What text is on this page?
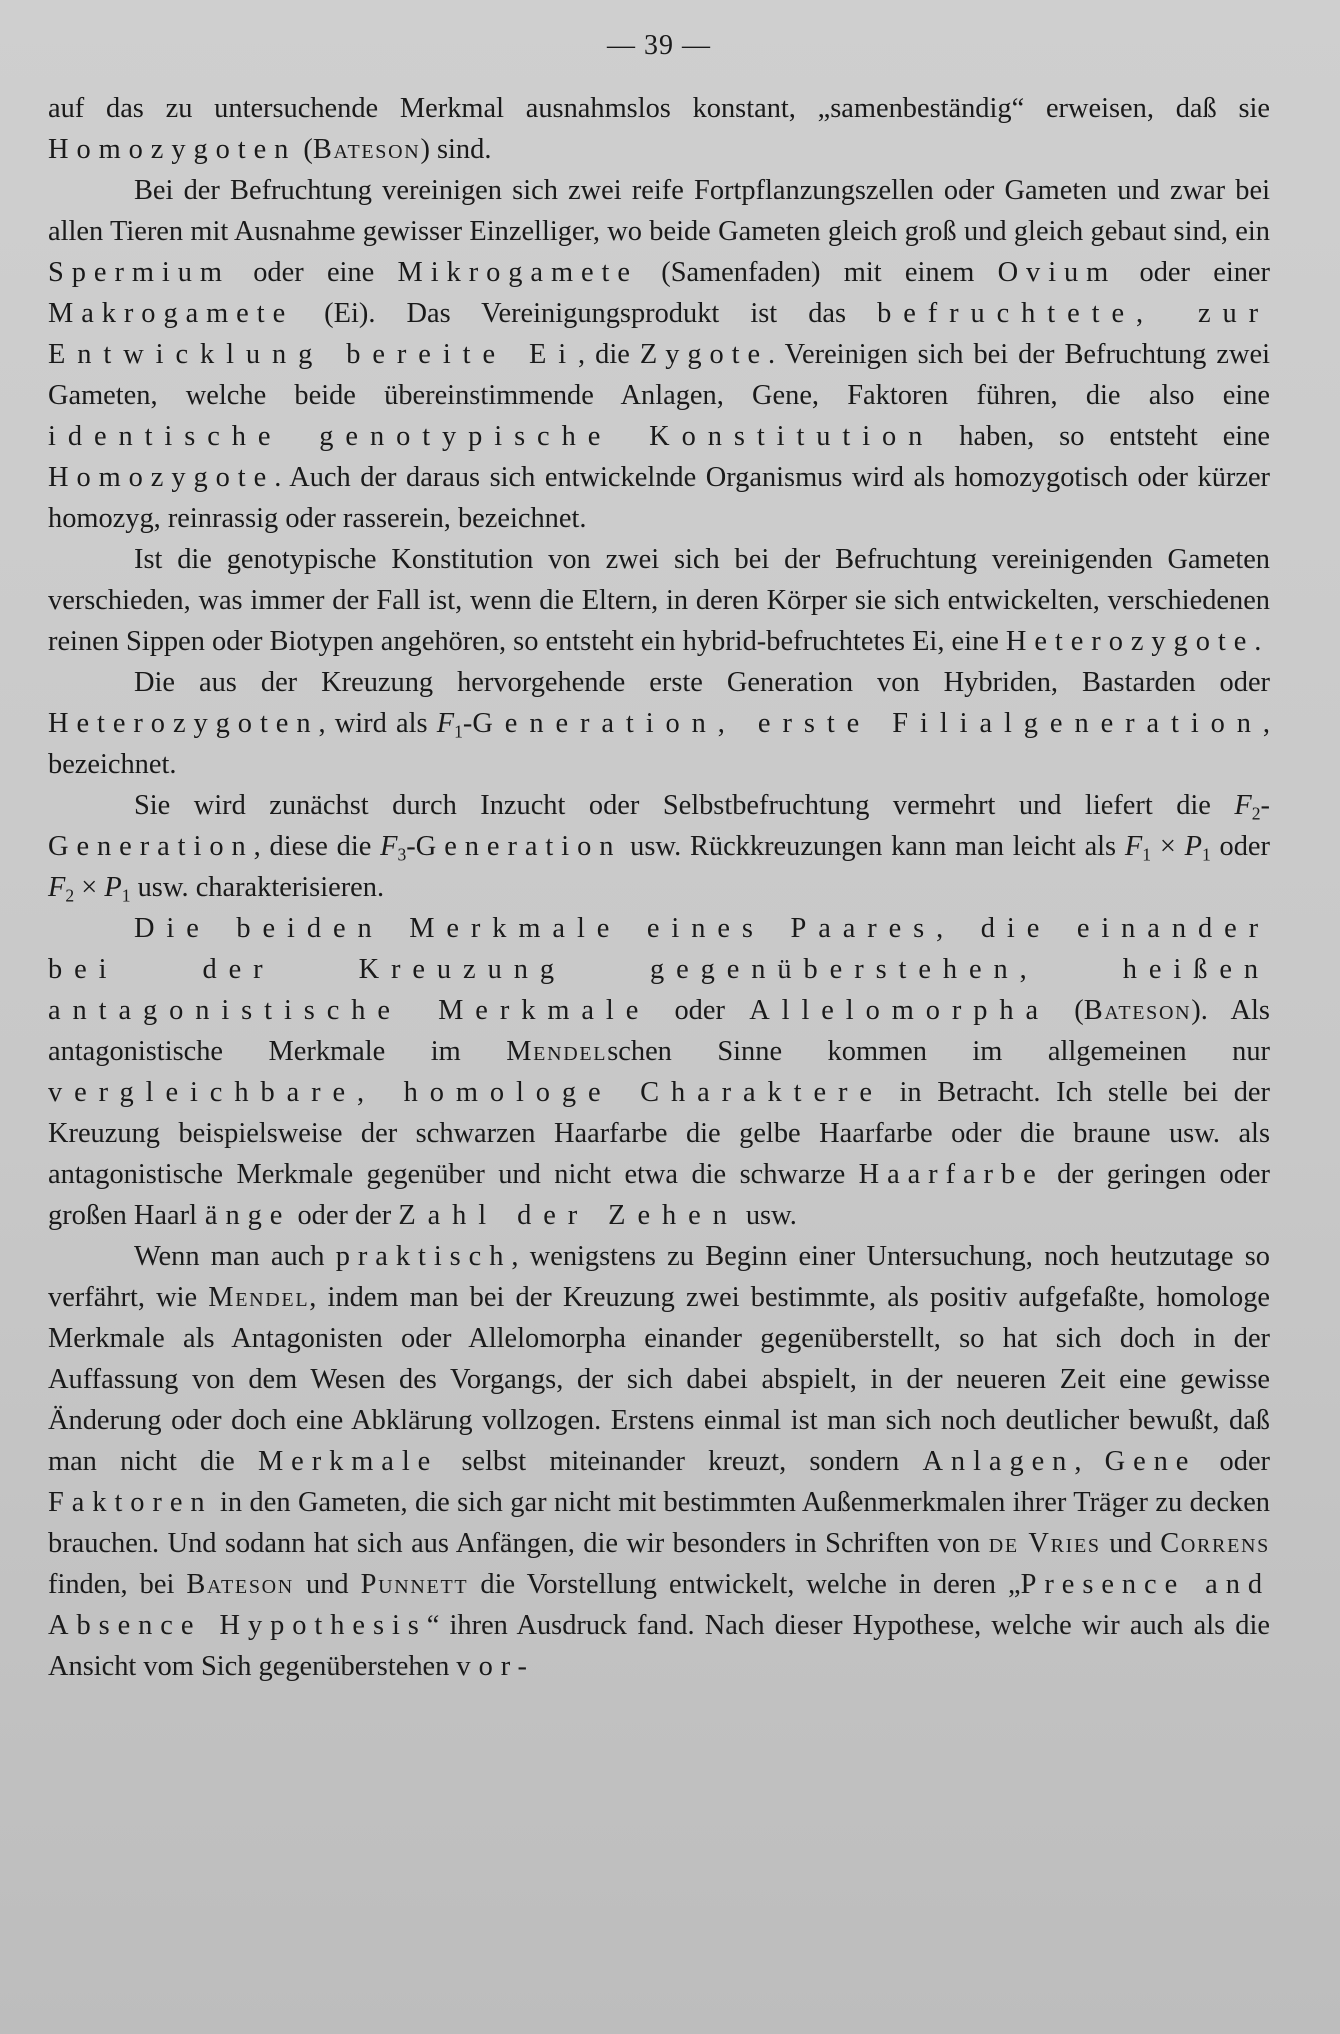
— 39 —

auf das zu untersuchende Merkmal ausnahmslos konstant, „samenbeständig“ erweisen, daß sie Homozygoten (Bateson) sind.

Bei der Befruchtung vereinigen sich zwei reife Fortpflanzungszellen oder Gameten und zwar bei allen Tieren mit Ausnahme gewisser Einzelliger, wo beide Gameten gleich groß und gleich gebaut sind, ein Spermium oder eine Mikrogamete (Samenfaden) mit einem Ovium oder einer Makrogamete (Ei). Das Vereinigungsprodukt ist das befruchtete, zur Entwicklung bereite Ei, die Zygote. Vereinigen sich bei der Befruchtung zwei Gameten, welche beide übereinstimmende Anlagen, Gene, Faktoren führen, die also eine identische genotypische Konstitution haben, so entsteht eine Homozygote. Auch der daraus sich entwickelnde Organismus wird als homozygotisch oder kürzer homozyg, reinrassig oder rasserein, bezeichnet.

Ist die genotypische Konstitution von zwei sich bei der Befruchtung vereinigenden Gameten verschieden, was immer der Fall ist, wenn die Eltern, in deren Körper sie sich entwickelten, verschiedenen reinen Sippen oder Biotypen angehören, so entsteht ein hybrid-befruchtetes Ei, eine Heterozygote.

Die aus der Kreuzung hervorgehende erste Generation von Hybriden, Bastarden oder Heterozygoten, wird als $F_1$-Generation, erste Filialgeneration, bezeichnet.

Sie wird zunächst durch Inzucht oder Selbstbefruchtung vermehrt und liefert die $F_2$-Generation, diese die $F_3$-Generation usw. Rückkreuzungen kann man leicht als $F_1 \times P_1$ oder $F_2 \times P_1$ usw. charakterisieren.

Die beiden Merkmale eines Paares, die einander bei der Kreuzung gegenüberstehen, heißen antagonistische Merkmale oder Allelomorpha (Bateson). Als antagonistische Merkmale im Mendelschen Sinne kommen im allgemeinen nur vergleichbare, homologe Charaktere in Betracht. Ich stelle bei der Kreuzung beispielsweise der schwarzen Haarfarbe die gelbe Haarfarbe oder die braune usw. als antagonistische Merkmale gegenüber und nicht etwa die schwarze Haarfarbe der geringen oder großen Haarlänge oder der Zahl der Zehen usw.

Wenn man auch praktisch, wenigstens zu Beginn einer Untersuchung, noch heutzutage so verfährt, wie Mendel, indem man bei der Kreuzung zwei bestimmte, als positiv aufgefaßte, homologe Merkmale als Antagonisten oder Allelomorpha einander gegenüberstellt, so hat sich doch in der Auffassung von dem Wesen des Vorgangs, der sich dabei abspielt, in der neueren Zeit eine gewisse Änderung oder doch eine Abklärung vollzogen. Erstens einmal ist man sich noch deutlicher bewußt, daß man nicht die Merkmale selbst miteinander kreuzt, sondern Anlagen, Gene oder Faktoren in den Gameten, die sich gar nicht mit bestimmten Außenmerkmalen ihrer Träger zu decken brauchen. Und sodann hat sich aus Anfängen, die wir besonders in Schriften von de Vries und Correns finden, bei Bateson und Punnett die Vorstellung entwickelt, welche in deren „Presence and Absence Hypothesis“ ihren Ausdruck fand. Nach dieser Hypothese, welche wir auch als die Ansicht vom Sich gegenüberstehen vor-
